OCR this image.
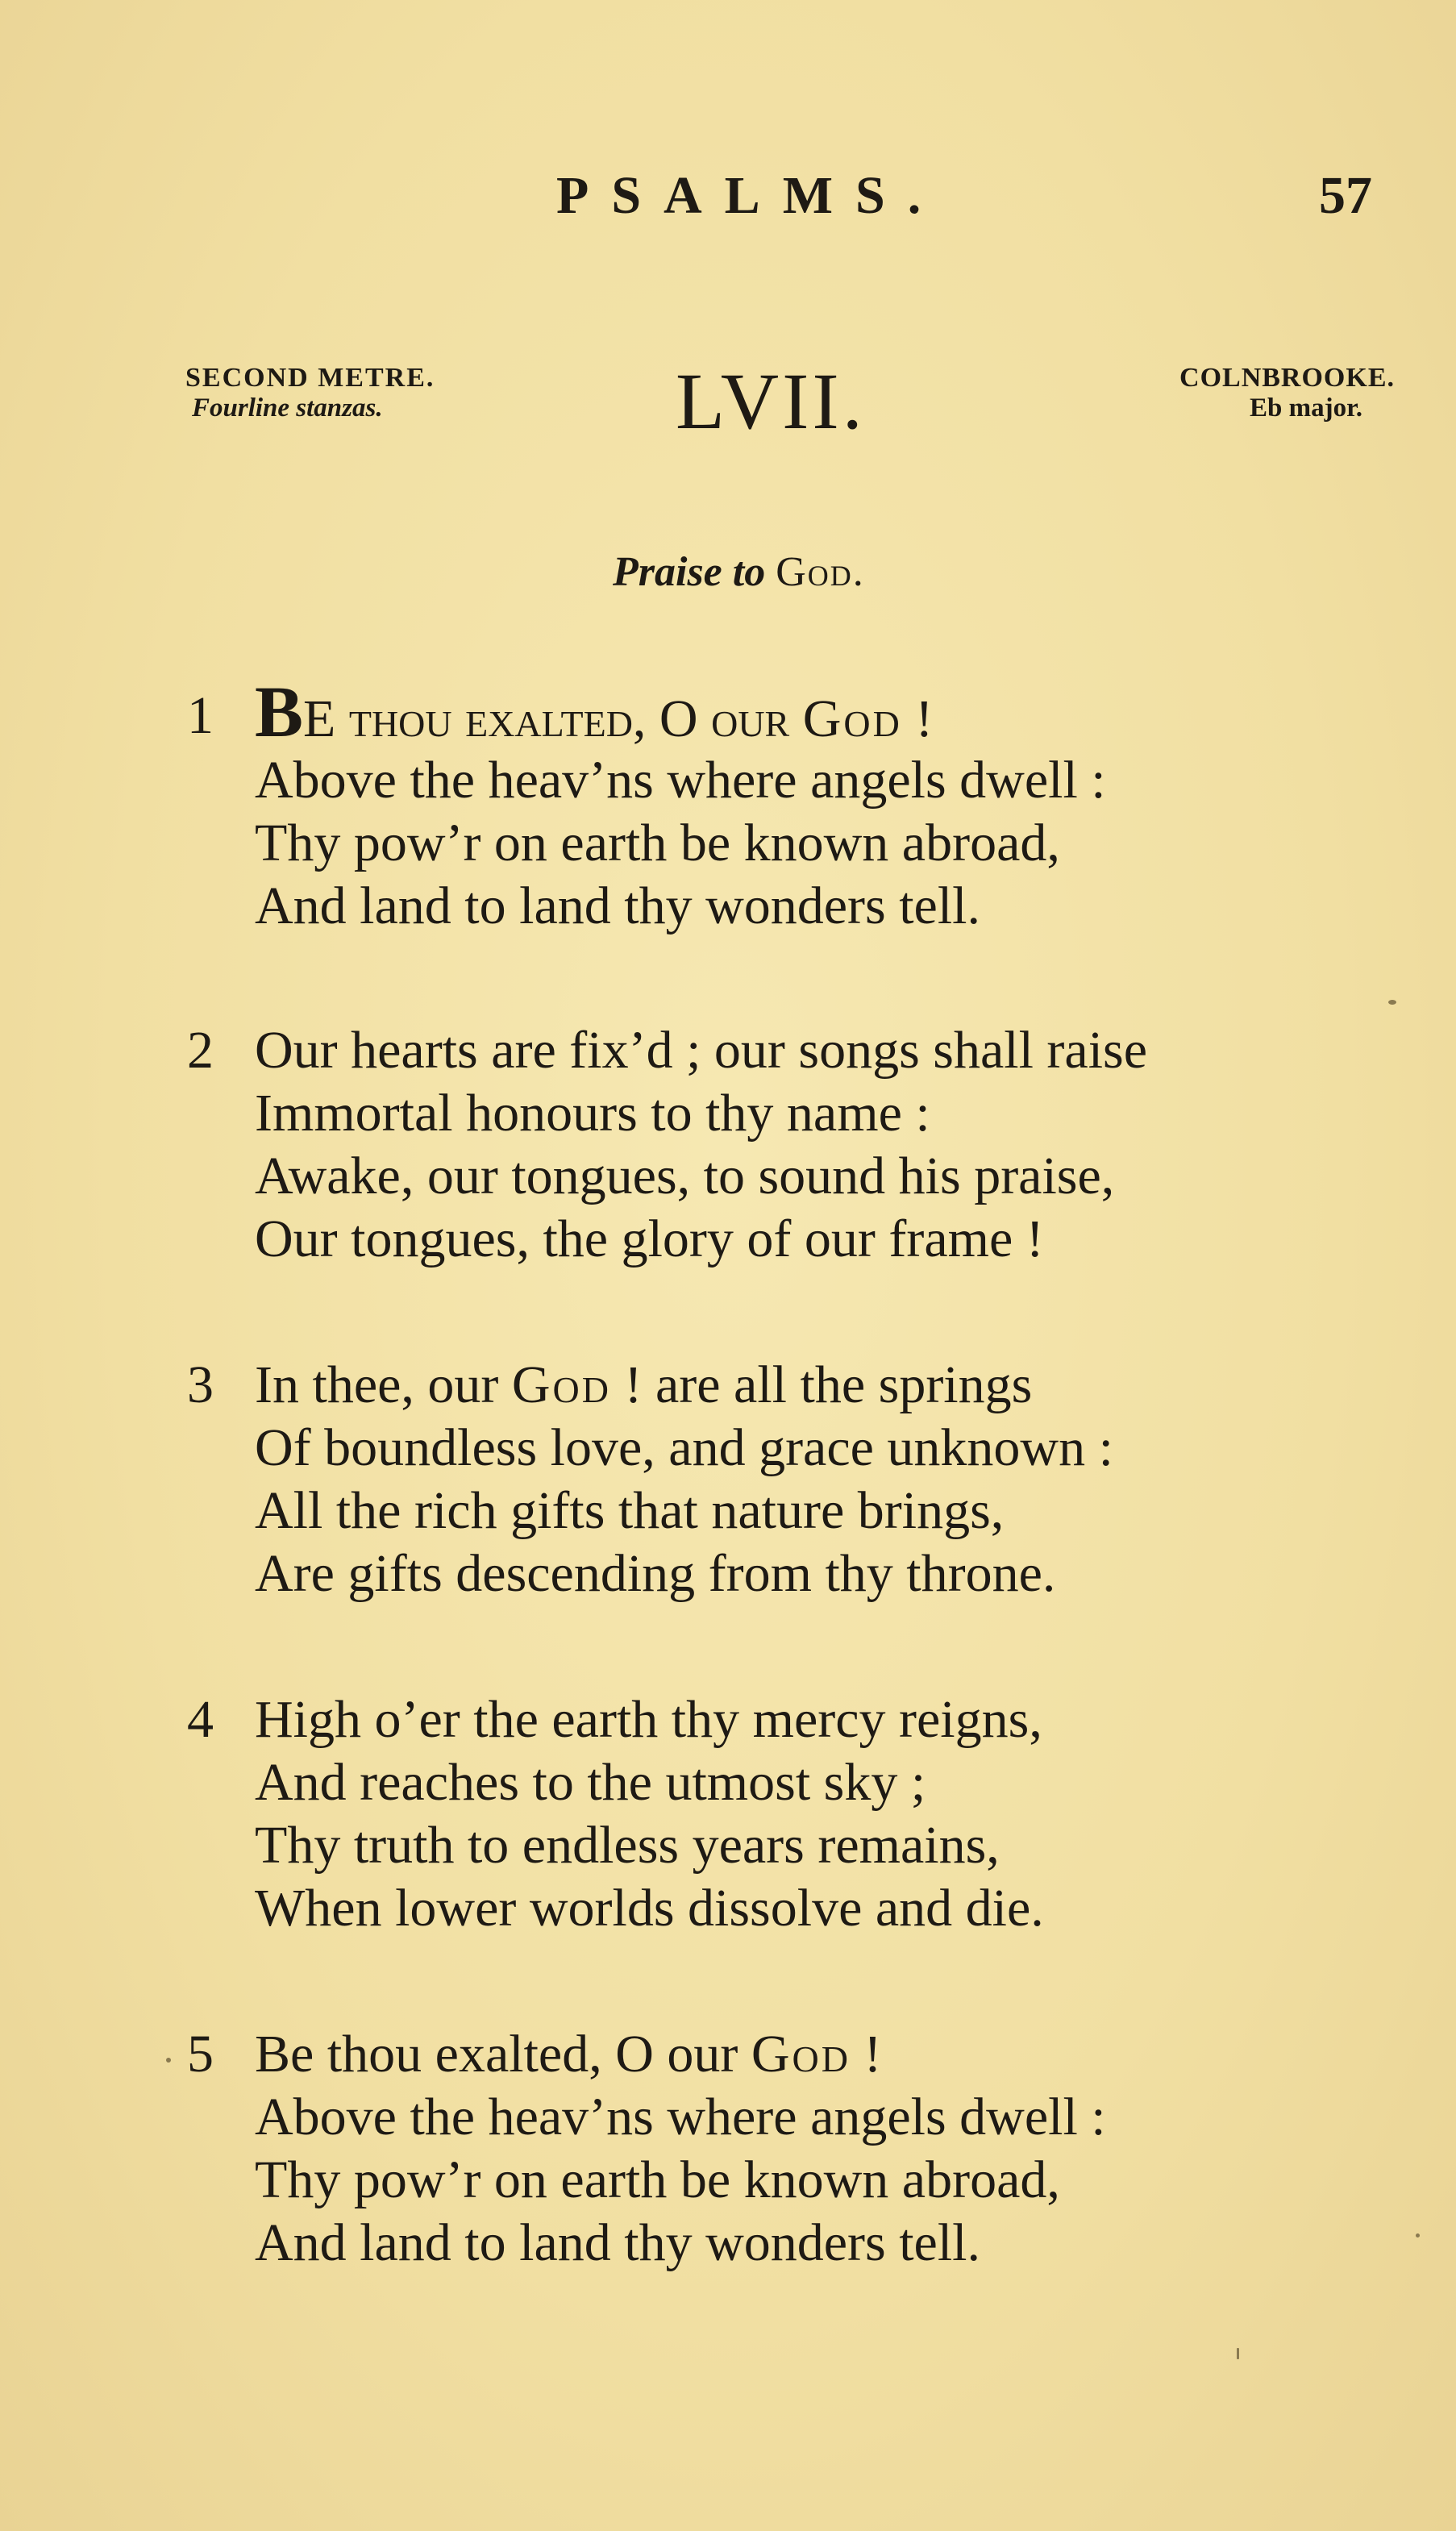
PSALMS.	57
SECOND METRE.
Fourline stanzas.	LVII.	COLNBROOKE.
Eb major.
Praise to God.
1 BE thou exalted, O our God !
Above the heav’ns where angels dwell :
Thy pow’r on earth be known abroad,
And land to land thy wonders tell.
2 Our hearts are fix’d ; our songs shall raise
Immortal honours to thy name :
Awake, our tongues, to sound his praise,
Our tongues, the glory of our frame !
3 In thee, our God ! are all the springs
Of boundless love, and grace unknown :
All the rich gifts that nature brings,
Are gifts descending from thy throne.
4 High o’er the earth thy mercy reigns,
And reaches to the utmost sky ;
Thy truth to endless years remains,
When lower worlds dissolve and die.
5 Be thou exalted, O our God !
Above the heav’ns where angels dwell :
Thy pow’r on earth be known abroad,
And land to land thy wonders tell.
